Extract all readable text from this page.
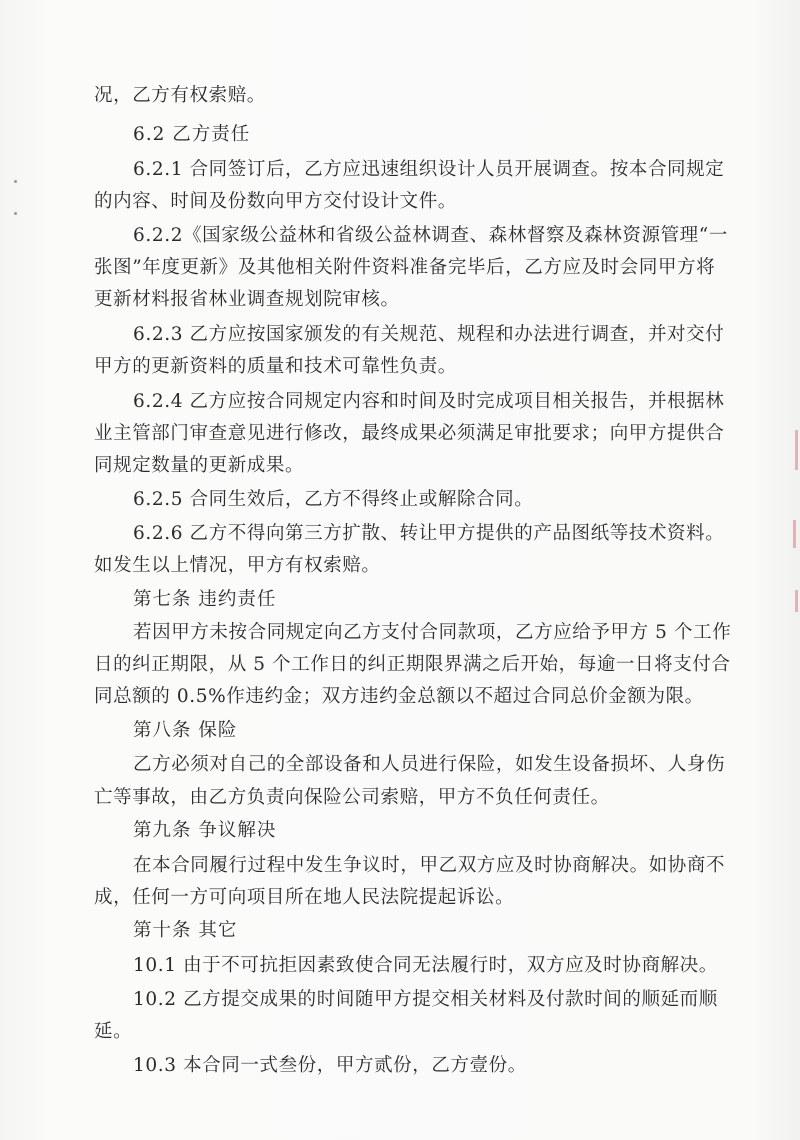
况，乙方有权索赔。
6.2 乙方责任
6.2.1 合同签订后，乙方应迅速组织设计人员开展调查。按本合同规定
的内容、时间及份数向甲方交付设计文件。
6.2.2《国家级公益林和省级公益林调查、森林督察及森林资源管理“一
张图”年度更新》及其他相关附件资料准备完毕后，乙方应及时会同甲方将
更新材料报省林业调查规划院审核。
6.2.3 乙方应按国家颁发的有关规范、规程和办法进行调查，并对交付
甲方的更新资料的质量和技术可靠性负责。
6.2.4 乙方应按合同规定内容和时间及时完成项目相关报告，并根据林
业主管部门审查意见进行修改，最终成果必须满足审批要求；向甲方提供合
同规定数量的更新成果。
6.2.5 合同生效后，乙方不得终止或解除合同。
6.2.6 乙方不得向第三方扩散、转让甲方提供的产品图纸等技术资料。
如发生以上情况，甲方有权索赔。
第七条 违约责任
若因甲方未按合同规定向乙方支付合同款项，乙方应给予甲方 5 个工作
日的纠正期限，从 5 个工作日的纠正期限界满之后开始，每逾一日将支付合
同总额的 0.5%作违约金；双方违约金总额以不超过合同总价金额为限。
第八条 保险
乙方必须对自己的全部设备和人员进行保险，如发生设备损坏、人身伤
亡等事故，由乙方负责向保险公司索赔，甲方不负任何责任。
第九条 争议解决
在本合同履行过程中发生争议时，甲乙双方应及时协商解决。如协商不
成，任何一方可向项目所在地人民法院提起诉讼。
第十条 其它
10.1 由于不可抗拒因素致使合同无法履行时，双方应及时协商解决。
10.2 乙方提交成果的时间随甲方提交相关材料及付款时间的顺延而顺
延。
10.3 本合同一式叁份，甲方贰份，乙方壹份。
